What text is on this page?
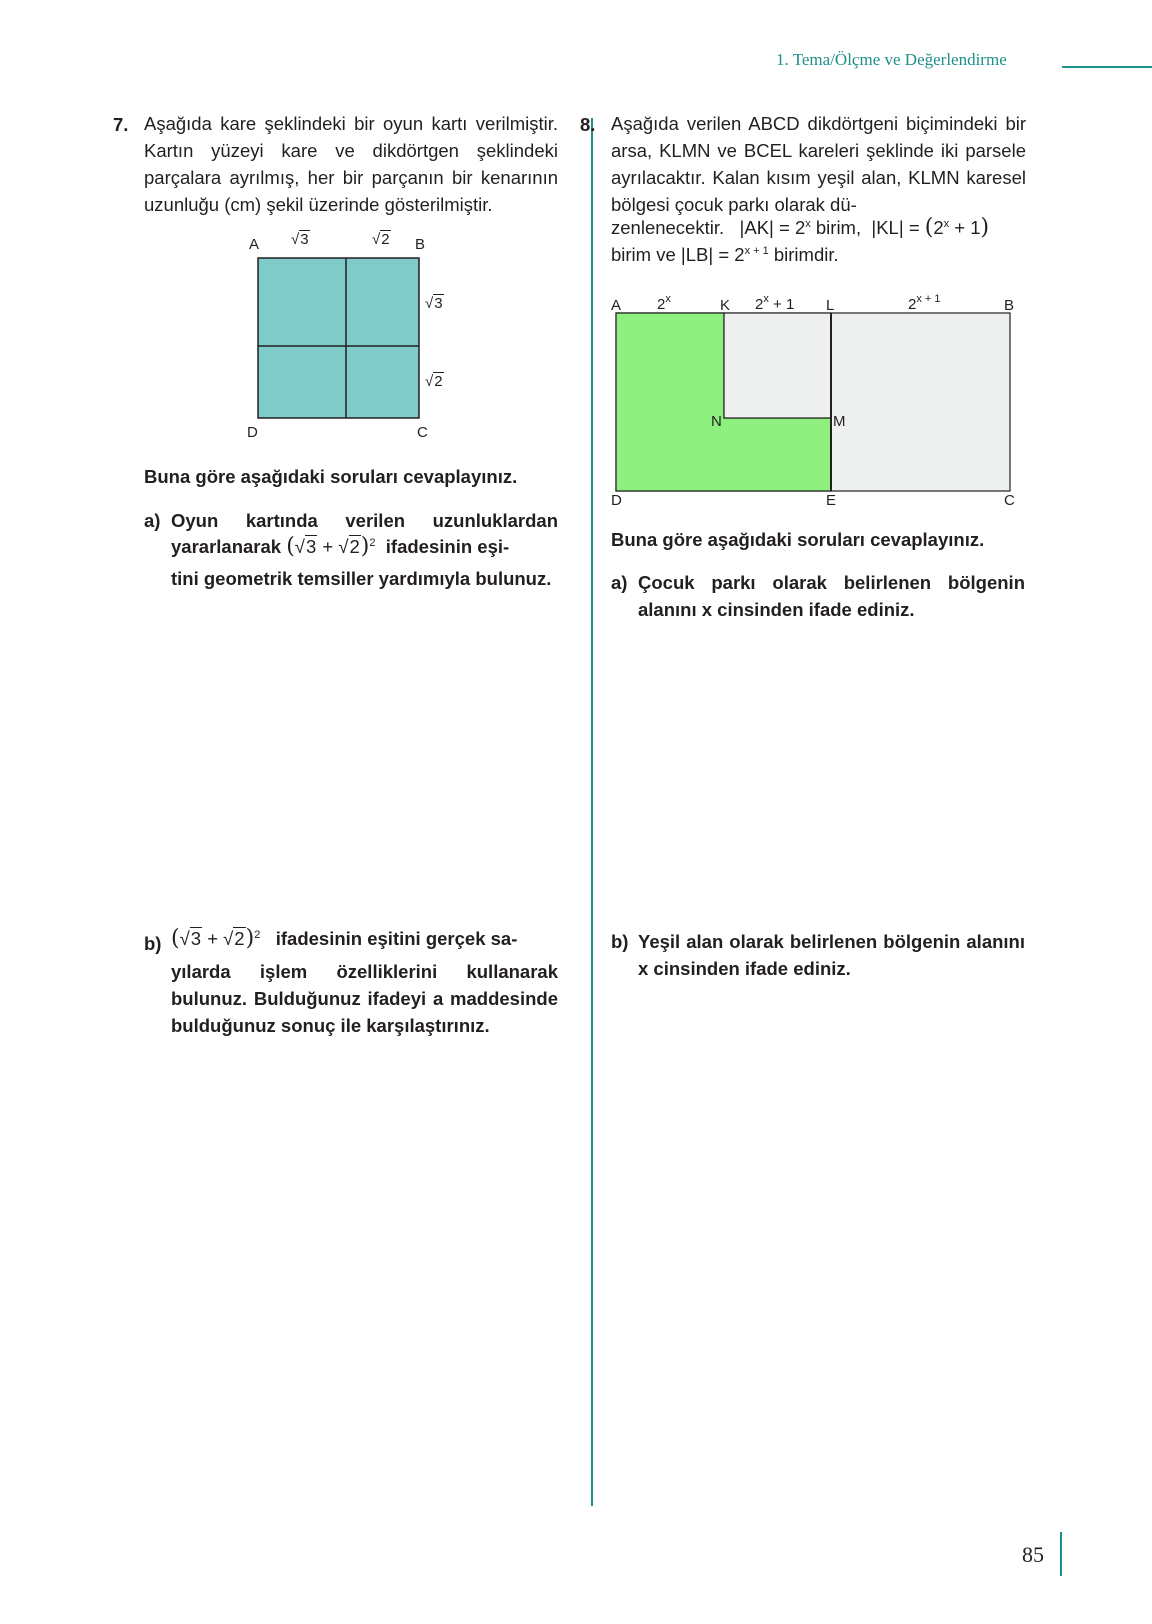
1. Tema/Ölçme ve Değerlendirme
7. Aşağıda kare şeklindeki bir oyun kartı verilmiştir. Kartın yüzeyi kare ve dikdörtgen şeklindeki parçalara ayrılmış, her bir parçanın bir kenarının uzunluğu (cm) şekil üzerinde gösterilmiştir.
A	B
D	C
√3	√2
√3
√2
Buna göre aşağıdaki soruları cevaplayınız.
a) Oyun kartında verilen uzunluklardan
yararlanarak $(√3 + √2)^2$ ifadesinin eşi-
tini geometrik temsiller yardımıyla bulunuz.
b) $(√3 + √2)^2$ ifadesinin eşitini gerçek sa-
yılarda işlem özelliklerini kullanarak bulunuz. Bulduğunuz ifadeyi a maddesinde bulduğunuz sonuç ile karşılaştırınız.
8. Aşağıda verilen ABCD dikdörtgeni biçimindeki bir arsa, KLMN ve BCEL kareleri şeklinde iki parsele ayrılacaktır. Kalan kısım yeşil alan, KLMN karesel bölgesi çocuk parkı olarak dü-
zenlenecektir.   $|AK| = 2^x$ birim,  $|KL| = (2^x + 1)$
birim ve $|LB| = 2^{x + 1}$ birimdir.
A 2$^x$	K $2^x + 1$ L	$2^{x + 1}$	B
N	M
D	E	C
Buna göre aşağıdaki soruları cevaplayınız.
a) Çocuk parkı olarak belirlenen bölgenin alanını x cinsinden ifade ediniz.
b) Yeşil alan olarak belirlenen bölgenin alanını x cinsinden ifade ediniz.
85
